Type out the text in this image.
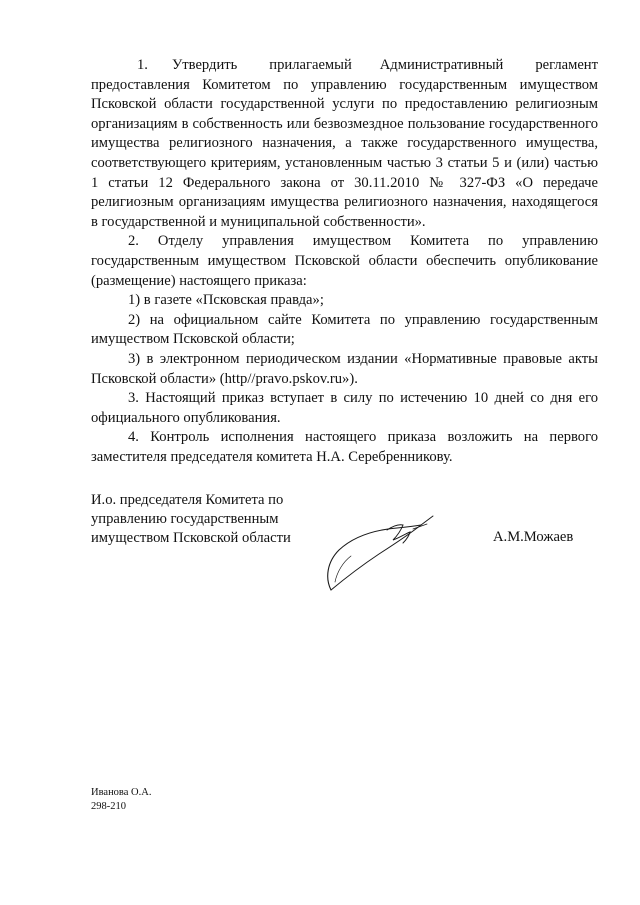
1.      Утвердить        прилагаемый       Административный        регламент предоставления Комитетом по управлению государственным имуществом Псковской области государственной услуги по предоставлению религиозным организациям в собственность или безвозмездное пользование государственного имущества религиозного назначения, а также государственного имущества, соответствующего критериям, установленным частью 3 статьи 5 и (или) частью 1 статьи 12 Федерального закона от 30.11.2010 № 327-ФЗ «О передаче религиозным организациям имущества религиозного назначения, находящегося в государственной и муниципальной собственности».

2. Отделу управления имуществом Комитета по управлению государственным имуществом Псковской области обеспечить опубликование (размещение) настоящего приказа:

1) в газете «Псковская правда»;

2) на официальном сайте Комитета по управлению государственным имуществом Псковской области;

3) в электронном периодическом издании «Нормативные правовые акты Псковской области» (http//pravo.pskov.ru»).

3. Настоящий приказ вступает в силу по истечению 10 дней со дня его официального опубликования.

4. Контроль исполнения настоящего приказа возложить на первого заместителя председателя комитета Н.А. Серебренникову.

И.о. председателя Комитета по
управлению государственным
имуществом Псковской области	А.М.Можаев
Иванова О.А.
298-210
